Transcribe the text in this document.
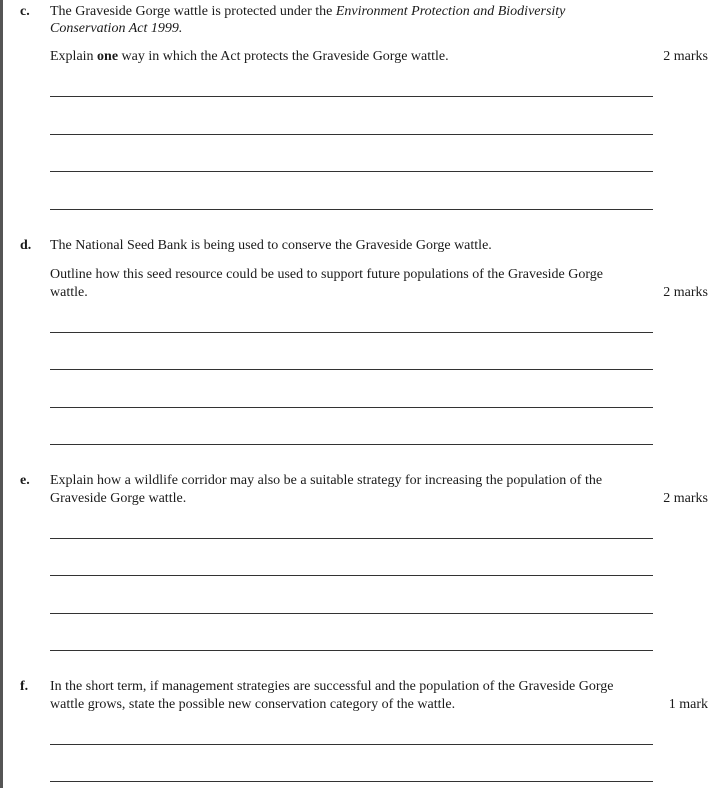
c. The Graveside Gorge wattle is protected under the Environment Protection and Biodiversity
Conservation Act 1999.
Explain one way in which the Act protects the Graveside Gorge wattle.	2 marks
d. The National Seed Bank is being used to conserve the Graveside Gorge wattle.
Outline how this seed resource could be used to support future populations of the Graveside Gorge
wattle.	2 marks
e. Explain how a wildlife corridor may also be a suitable strategy for increasing the population of the
Graveside Gorge wattle.	2 marks
f. In the short term, if management strategies are successful and the population of the Graveside Gorge
wattle grows, state the possible new conservation category of the wattle.	1 mark
